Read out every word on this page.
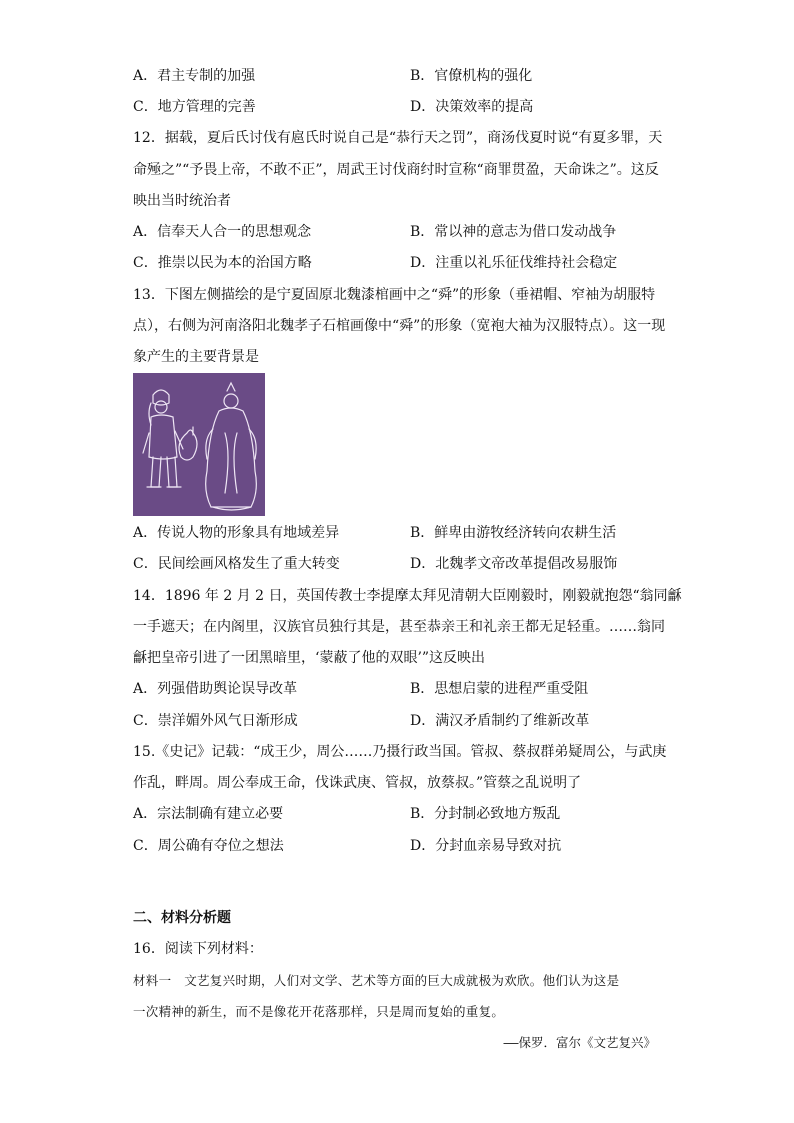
A．君主专制的加强	B．官僚机构的强化
C．地方管理的完善	D．决策效率的提高
12．据载，夏后氏讨伐有扈氏时说自己是“恭行天之罚”，商汤伐夏时说“有夏多罪，天
命殛之”“予畏上帝，不敢不正”，周武王讨伐商纣时宣称“商罪贯盈，天命诛之”。这反
映出当时统治者
A．信奉天人合一的思想观念	B．常以神的意志为借口发动战争
C．推崇以民为本的治国方略	D．注重以礼乐征伐维持社会稳定
13．下图左侧描绘的是宁夏固原北魏漆棺画中之“舜”的形象（垂裙帽、窄袖为胡服特
点），右侧为河南洛阳北魏孝子石棺画像中“舜”的形象（宽袍大袖为汉服特点）。这一现
象产生的主要背景是
A．传说人物的形象具有地域差异	B．鲜卑由游牧经济转向农耕生活
C．民间绘画风格发生了重大转变	D．北魏孝文帝改革提倡改易服饰
14．1896 年 2 月 2 日，英国传教士李提摩太拜见清朝大臣刚毅时，刚毅就抱怨“翁同龢
一手遮天；在内阁里，汉族官员独行其是，甚至恭亲王和礼亲王都无足轻重。……翁同
龢把皇帝引进了一团黑暗里，‘蒙蔽了他的双眼’”这反映出
A．列强借助舆论误导改革	B．思想启蒙的进程严重受阻
C．崇洋媚外风气日渐形成	D．满汉矛盾制约了维新改革
15.《史记》记载：“成王少，周公……乃摄行政当国。管叔、蔡叔群弟疑周公，与武庚
作乱，畔周。周公奉成王命，伐诛武庚、管叔，放蔡叔。”管蔡之乱说明了
A．宗法制确有建立必要	B．分封制必致地方叛乱
C．周公确有夺位之想法	D．分封血亲易导致对抗
二、材料分析题
16．阅读下列材料：
材料一　文艺复兴时期，人们对文学、艺术等方面的巨大成就极为欢欣。他们认为这是
一次精神的新生，而不是像花开花落那样，只是周而复始的重复。
——保罗．富尔《文艺复兴》
